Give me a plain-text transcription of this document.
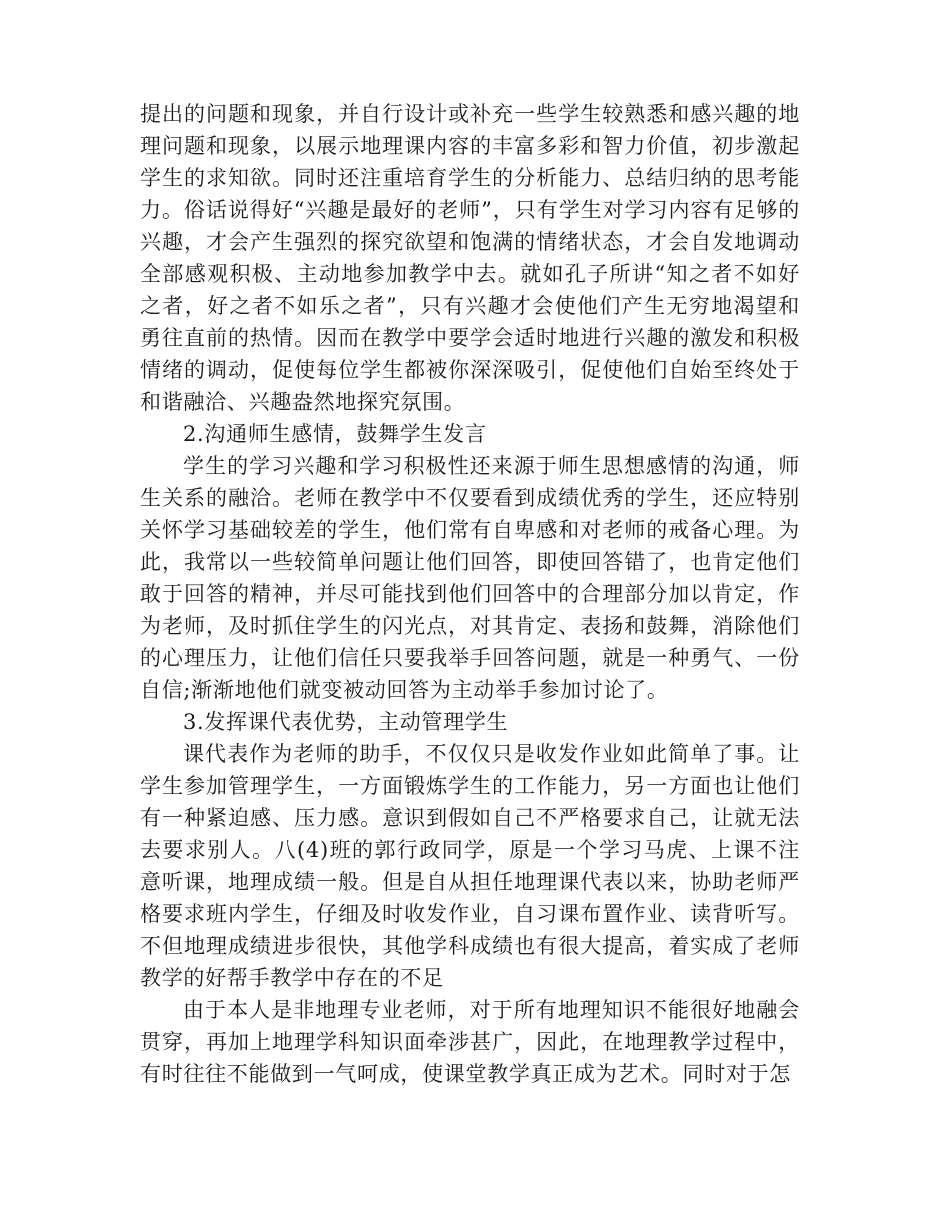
提出的问题和现象，并自行设计或补充一些学生较熟悉和感兴趣的地理问题和现象，以展示地理课内容的丰富多彩和智力价值，初步激起学生的求知欲。同时还注重培育学生的分析能力、总结归纳的思考能力。俗话说得好“兴趣是最好的老师”，只有学生对学习内容有足够的兴趣，才会产生强烈的探究欲望和饱满的情绪状态，才会自发地调动全部感观积极、主动地参加教学中去。就如孔子所讲“知之者不如好之者，好之者不如乐之者”，只有兴趣才会使他们产生无穷地渴望和勇往直前的热情。因而在教学中要学会适时地进行兴趣的激发和积极情绪的调动，促使每位学生都被你深深吸引，促使他们自始至终处于和谐融洽、兴趣盎然地探究氛围。

2.沟通师生感情，鼓舞学生发言

学生的学习兴趣和学习积极性还来源于师生思想感情的沟通，师生关系的融洽。老师在教学中不仅要看到成绩优秀的学生，还应特别关怀学习基础较差的学生，他们常有自卑感和对老师的戒备心理。为此，我常以一些较简单问题让他们回答，即使回答错了，也肯定他们敢于回答的精神，并尽可能找到他们回答中的合理部分加以肯定，作为老师，及时抓住学生的闪光点，对其肯定、表扬和鼓舞，消除他们的心理压力，让他们信任只要我举手回答问题，就是一种勇气、一份自信;渐渐地他们就变被动回答为主动举手参加讨论了。

3.发挥课代表优势，主动管理学生

课代表作为老师的助手，不仅仅只是收发作业如此简单了事。让学生参加管理学生，一方面锻炼学生的工作能力，另一方面也让他们有一种紧迫感、压力感。意识到假如自己不严格要求自己，让就无法去要求别人。八(4)班的郭行政同学，原是一个学习马虎、上课不注意听课，地理成绩一般。但是自从担任地理课代表以来，协助老师严格要求班内学生，仔细及时收发作业，自习课布置作业、读背听写。不但地理成绩进步很快，其他学科成绩也有很大提高，着实成了老师教学的好帮手教学中存在的不足

由于本人是非地理专业老师，对于所有地理知识不能很好地融会贯穿，再加上地理学科知识面牵涉甚广，因此，在地理教学过程中，有时往往不能做到一气呵成，使课堂教学真正成为艺术。同时对于怎
